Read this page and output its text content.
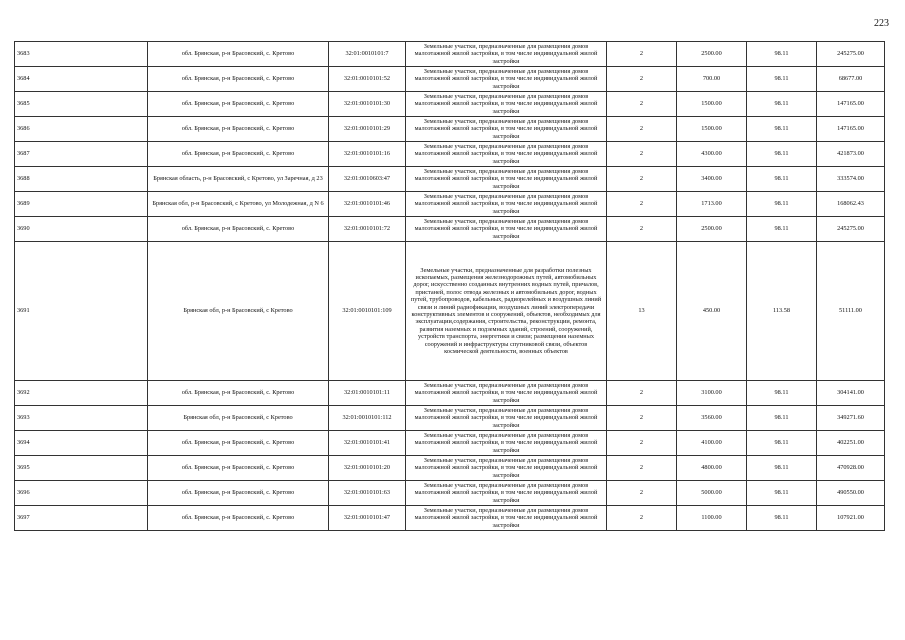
223
3683	обл. Брянская, р-н Брасовский, с. Кретово	32:01:0010101:7	Земельные участки, предназначенные для размещения домов малоэтажной жилой застройки, в том числе индивидуальной жилой застройки	2	2500.00	98.11	245275.00
3684	обл. Брянская, р-н Брасовский, с. Кретово	32:01:0010101:52	Земельные участки, предназначенные для размещения домов малоэтажной жилой застройки, в том числе индивидуальной жилой застройки	2	700.00	98.11	68677.00
3685	обл. Брянская, р-н Брасовский, с. Кретово	32:01:0010101:30	Земельные участки, предназначенные для размещения домов малоэтажной жилой застройки, в том числе индивидуальной жилой застройки	2	1500.00	98.11	147165.00
3686	обл. Брянская, р-н Брасовский, с. Кретово	32:01:0010101:29	Земельные участки, предназначенные для размещения домов малоэтажной жилой застройки, в том числе индивидуальной жилой застройки	2	1500.00	98.11	147165.00
3687	обл. Брянская, р-н Брасовский, с. Кретово	32:01:0010101:16	Земельные участки, предназначенные для размещения домов малоэтажной жилой застройки, в том числе индивидуальной жилой застройки	2	4300.00	98.11	421873.00
3688	Брянская область, р-н Брасовский, с Кретово, ул Заречная, д 23	32:01:0010603:47	Земельные участки, предназначенные для размещения домов малоэтажной жилой застройки, в том числе индивидуальной жилой застройки	2	3400.00	98.11	333574.00
3689	Брянская обл, р-н Брасовский, с Кретово, ул Молодежная, д N 6	32:01:0010101:46	Земельные участки, предназначенные для размещения домов малоэтажной жилой застройки, в том числе индивидуальной жилой застройки	2	1713.00	98.11	168062.43
3690	обл. Брянская, р-н Брасовский, с. Кретово	32:01:0010101:72	Земельные участки, предназначенные для размещения домов малоэтажной жилой застройки, в том числе индивидуальной жилой застройки	2	2500.00	98.11	245275.00
3691	Брянская обл, р-н Брасовский, с Кретово	32:01:0010101:109	Земельные участки, предназначенные для разработки полезных ископаемых, размещения железнодорожных путей, автомобильных дорог, искусственно созданных внутренних водных путей, причалов, пристаней, полос отвода железных и автомобильных дорог, водных путей, трубопроводов, кабельных, радиорелейных и воздушных линий связи и линий радиофикации, воздушных линий электропередачи конструктивных элементов и сооружений, объектов, необходимых для эксплуатации,содержания, строительства, реконструкции, ремонта, развития наземных и подземных зданий, строений, сооружений, устройств транспорта, энергетики и связи; размещения наземных сооружений и инфраструктуры спутниковой связи, объектов космической деятельности, военных объектов	13	450.00	113.58	51111.00
3692	обл. Брянская, р-н Брасовский, с. Кретово	32:01:0010101:11	Земельные участки, предназначенные для размещения домов малоэтажной жилой застройки, в том числе индивидуальной жилой застройки	2	3100.00	98.11	304141.00
3693	Брянская обл, р-н Брасовский, с Кретово	32:01:0010101:112	Земельные участки, предназначенные для размещения домов малоэтажной жилой застройки, в том числе индивидуальной жилой застройки	2	3560.00	98.11	349271.60
3694	обл. Брянская, р-н Брасовский, с. Кретово	32:01:0010101:41	Земельные участки, предназначенные для размещения домов малоэтажной жилой застройки, в том числе индивидуальной жилой застройки	2	4100.00	98.11	402251.00
3695	обл. Брянская, р-н Брасовский, с. Кретово	32:01:0010101:20	Земельные участки, предназначенные для размещения домов малоэтажной жилой застройки, в том числе индивидуальной жилой застройки	2	4800.00	98.11	470928.00
3696	обл. Брянская, р-н Брасовский, с. Кретово	32:01:0010101:63	Земельные участки, предназначенные для размещения домов малоэтажной жилой застройки, в том числе индивидуальной жилой застройки	2	5000.00	98.11	490550.00
3697	обл. Брянская, р-н Брасовский, с. Кретово	32:01:0010101:47	Земельные участки, предназначенные для размещения домов малоэтажной жилой застройки, в том числе индивидуальной жилой застройки	2	1100.00	98.11	107921.00
